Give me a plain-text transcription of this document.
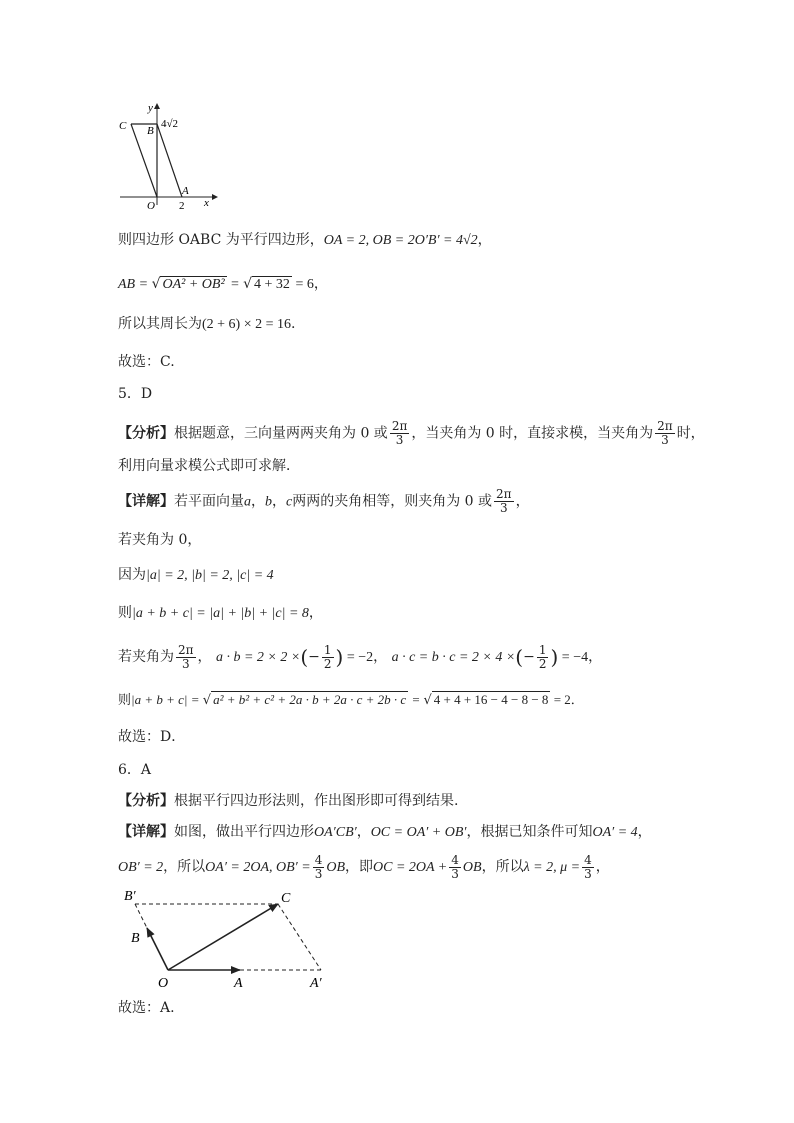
y
C B
4√2
O
A
2 x
则四边形 OABC 为平行四边形，OA = 2, OB = 2O′B′ = 4√2，
AB = √ OA² + OB² = √ 4 + 32 = 6，
所以其周长为(2 + 6) × 2 = 16.
故选：C.
5．D
【分析】根据题意，三向量两两夹角为 0 或 $\frac{2\pi}{3}$ ，当夹角为 0 时，直接求模，当夹角为 $\frac{2\pi}{3}$ 时，
利用向量求模公式即可求解．
【详解】若平面向量a，b，c两两的夹角相等，则夹角为 0 或 $\frac{2\pi}{3}$ ，
若夹角为 0，
因为|a| = 2, |b| = 2, |c| = 4
则|a + b + c| = |a| + |b| + |c| = 8，
若夹角为 $\frac{2\pi}{3}$ ， a · b = 2 × 2 ×(− $\frac{1}{2}$ ) = −2， a · c = b · c = 2 × 4 ×(− $\frac{1}{2}$ ) = −4，
则|a + b + c| = √ a² + b² + c² + 2a · b + 2a · c + 2b · c = √ 4 + 4 + 16 − 4 − 8 − 8 = 2．
故选：D．
6．A
【分析】根据平行四边形法则，作出图形即可得到结果.
【详解】如图，做出平行四边形OA′CB′，OC = OA′ + OB′，根据已知条件可知OA′ = 4，
OB′ = 2，所以OA′ = 2OA, $OB' = \frac{4}{3}$ OB，即OC = $2OA + \frac{4}{3}$ OB，所以λ = 2, $\mu = \frac{4}{3}$ ，
B′	C
B
O	A	A′
故选：A.
